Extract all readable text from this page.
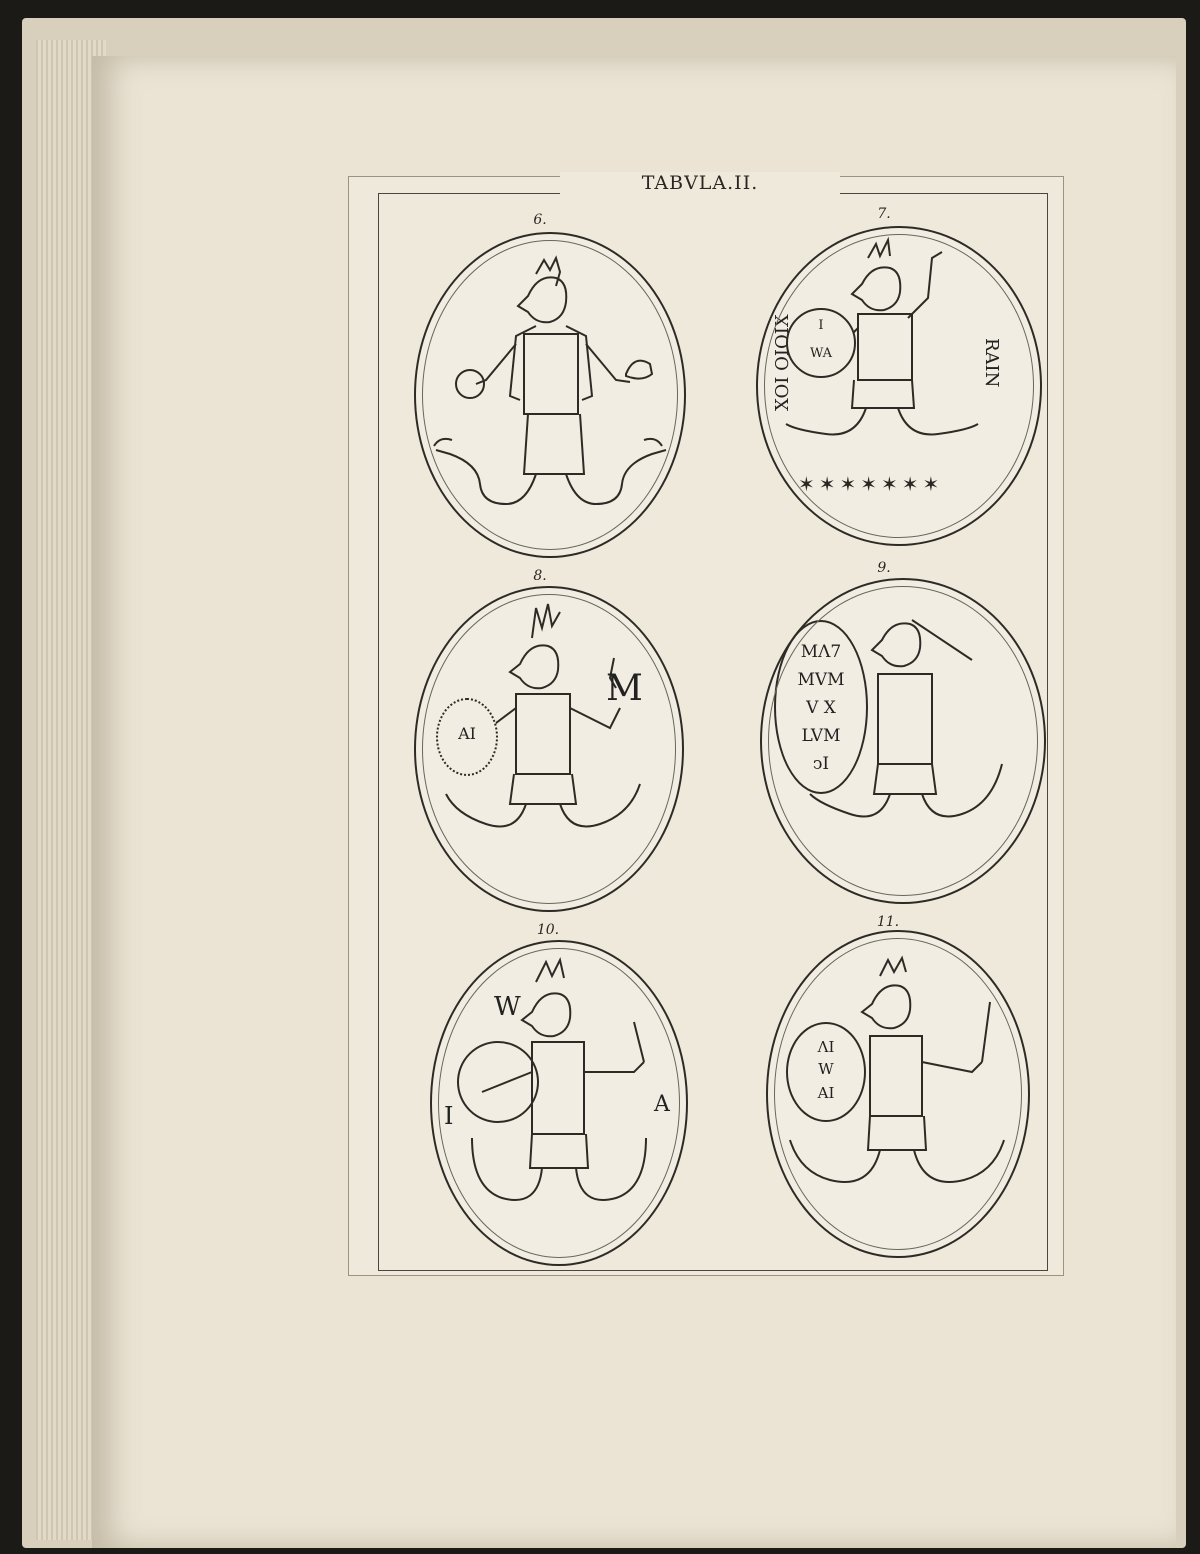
TABVLA.II.
6.	7.
XOI OIOIX	RAIN
I
WA
✶✶✶✶✶✶✶
8.
AI
M
9.
MΛ7
MVM
V X
LVM
ↄI
10.
W
I	A
11.
ΛI
W
AI
